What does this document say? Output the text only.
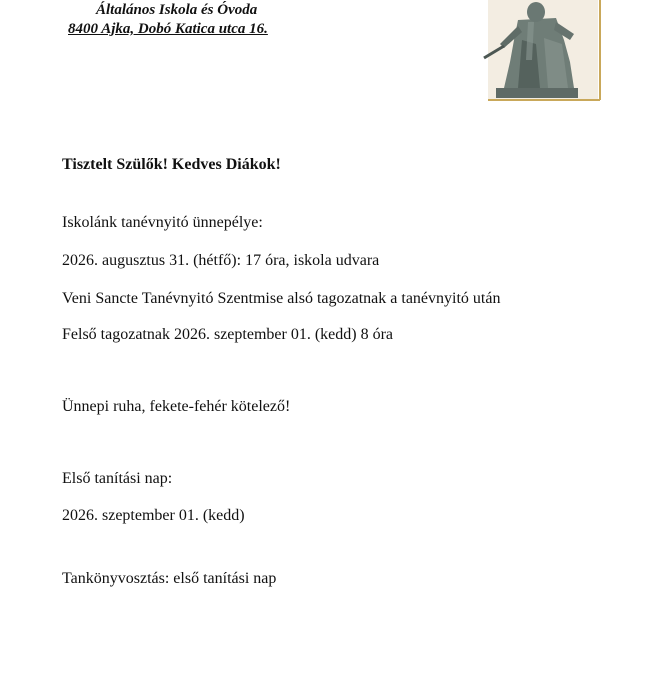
Általános Iskola és Óvoda
8400 Ajka, Dobó Katica utca 16.
Tisztelt Szülők! Kedves Diákok!
Iskolánk tanévnyitó ünnepélye:
2026. augusztus 31. (hétfő): 17 óra, iskola udvara
Veni Sancte Tanévnyitó Szentmise alsó tagozatnak a tanévnyitó után
Felső tagozatnak 2026. szeptember 01. (kedd) 8 óra
Ünnepi ruha, fekete-fehér kötelező!
Első tanítási nap:
2026. szeptember 01. (kedd)
Tankönyvosztás: első tanítási nap
